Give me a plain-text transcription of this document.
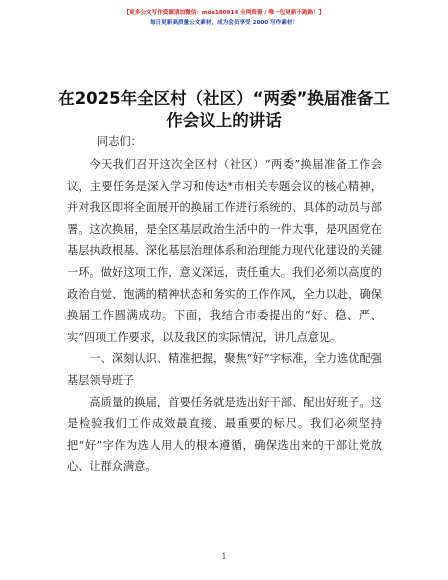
【更多公文写作资源请加微信：mos180914 全网资源 / 唯一包更新不跑路！】
每日更新高质量公文素材，成为会员享受 2000 写作素材！
在2025年全区村（社区）“两委”换届准备工作会议上的讲话
同志们：

今天我们召开这次全区村（社区）“两委”换届准备工作会议，主要任务是深入学习和传达*市相关专题会议的核心精神，并对我区即将全面展开的换届工作进行系统的、具体的动员与部署。这次换届，是全区基层政治生活中的一件大事，是巩固党在基层执政根基、深化基层治理体系和治理能力现代化建设的关键一环。做好这项工作，意义深远，责任重大。我们必须以高度的政治自觉、饱满的精神状态和务实的工作作风，全力以赴，确保换届工作圆满成功。下面，我结合市委提出的“好、稳、严、实”四项工作要求，以及我区的实际情况，讲几点意见。

一、深刻认识、精准把握，聚焦“好”字标准，全力选优配强基层领导班子

高质量的换届，首要任务就是选出好干部、配出好班子。这是检验我们工作成效最直接、最重要的标尺。我们必须坚持把“好”字作为选人用人的根本遵循，确保选出来的干部让党放心、让群众满意。

1
